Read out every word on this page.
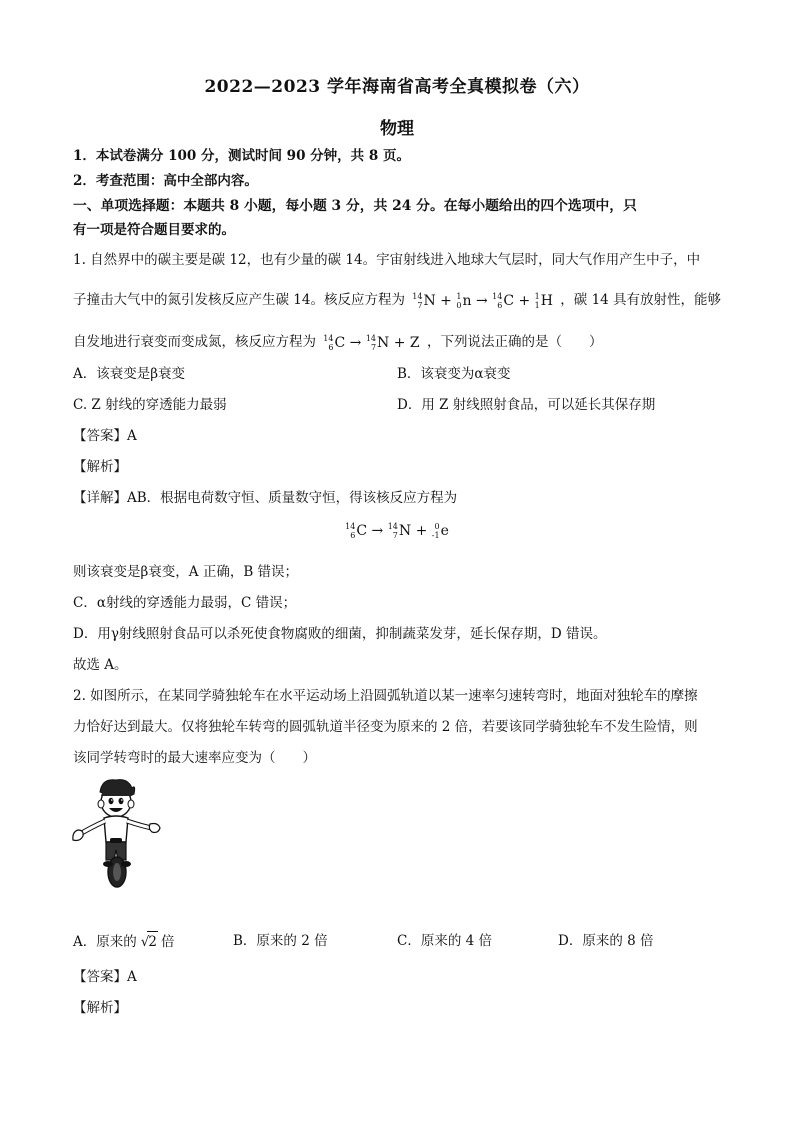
2022—2023 学年海南省高考全真模拟卷（六）
物理
1．本试卷满分 100 分，测试时间 90 分钟，共 8 页。
2．考查范围：高中全部内容。
一、单项选择题：本题共 8 小题，每小题 3 分，共 24 分。在每小题给出的四个选项中，只
有一项是符合题目要求的。
1. 自然界中的碳主要是碳 12，也有少量的碳 14。宇宙射线进入地球大气层时，同大气作用产生中子，中
子撞击大气中的氮引发核反应产生碳 14。核反应方程为 14
7 N + 1
0 n → 14
6 C + 1
1 H ，碳 14 具有放射性，能够
自发地进行衰变而变成氮，核反应方程为 14
6 C → 14
7 N + Z ，下列说法正确的是（　　）
A．该衰变是β衰变	B．该衰变为α衰变
C. Z 射线的穿透能力最弱	D．用 Z 射线照射食品，可以延长其保存期
【答案】A
【解析】
【详解】AB．根据电荷数守恒、质量数守恒，得该核反应方程为
14
6 C → 14
7 N + 0
-1 e
则该衰变是β衰变，A 正确，B 错误；
C．α射线的穿透能力最弱，C 错误；
D．用γ射线照射食品可以杀死使食物腐败的细菌，抑制蔬菜发芽，延长保存期，D 错误。
故选 A。
2. 如图所示，在某同学骑独轮车在水平运动场上沿圆弧轨道以某一速率匀速转弯时，地面对独轮车的摩擦
力恰好达到最大。仅将独轮车转弯的圆弧轨道半径变为原来的 2 倍，若要该同学骑独轮车不发生险情，则
该同学转弯时的最大速率应变为（　　）
A．原来的 √2 倍	B．原来的 2 倍	C．原来的 4 倍	D．原来的 8 倍
【答案】A
【解析】
